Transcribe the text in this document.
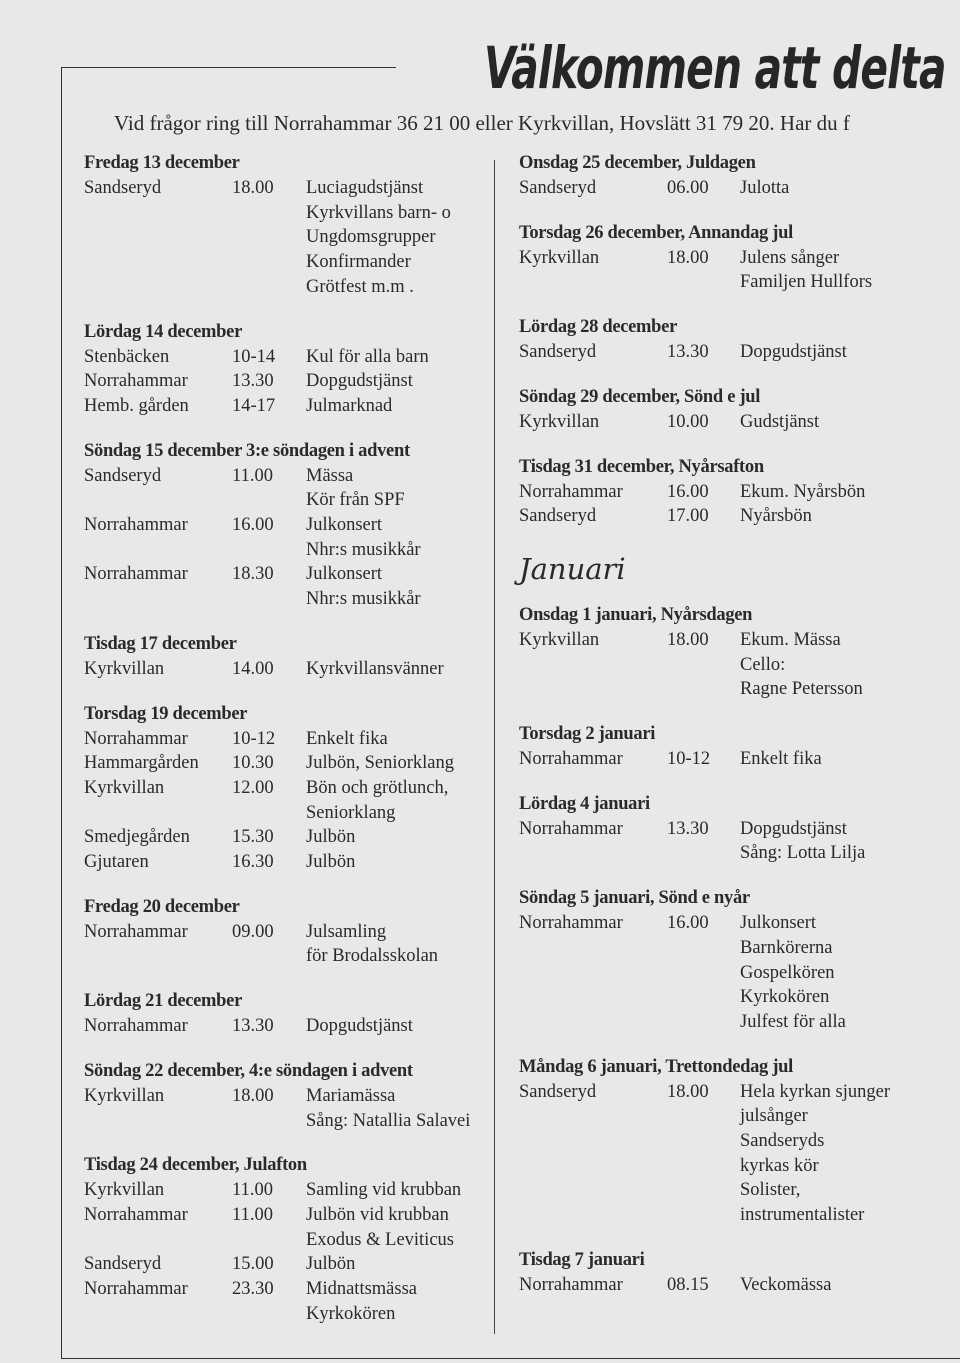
Välkommen att delta
Vid frågor ring till Norrahammar 36 21 00 eller Kyrkvillan, Hovslätt 31 79 20. Har du f
Fredag 13 december
Sandseryd	18.00 Luciagudstjänst
Kyrkvillans barn- o
Ungdomsgrupper
Konfirmander
Grötfest m.m .
Lördag 14 december
Stenbäcken	10-14 Kul för alla barn
Norrahammar 13.30 Dopgudstjänst
Hemb. gården 14-17 Julmarknad
Söndag 15 december 3:e söndagen i advent
Sandseryd	11.00 Mässa
Kör från SPF
Norrahammar 16.00 Julkonsert
Nhr:s musikkår
Norrahammar 18.30 Julkonsert
Nhr:s musikkår
Tisdag 17 december
Kyrkvillan	14.00 Kyrkvillansvänner
Torsdag 19 december
Norrahammar 10-12 Enkelt fika
Hammargården 10.30 Julbön, Seniorklang
Kyrkvillan	12.00 Bön och grötlunch,
Seniorklang
Smedjegården 15.30 Julbön
Gjutaren	16.30 Julbön
Fredag 20 december
Norrahammar 09.00 Julsamling
för Brodalsskolan
Lördag 21 december
Norrahammar 13.30 Dopgudstjänst
Söndag 22 december, 4:e söndagen i advent
Kyrkvillan	18.00 Mariamässa
Sång: Natallia Salavei
Tisdag 24 december, Julafton
Kyrkvillan	11.00 Samling vid krubban
Norrahammar 11.00 Julbön vid krubban
Exodus & Leviticus
Sandseryd	15.00 Julbön
Norrahammar 23.30 Midnattsmässa
Kyrkokören
Onsdag 25 december, Juldagen
Sandseryd	06.00 Julotta
Torsdag 26 december, Annandag jul
Kyrkvillan	18.00 Julens sånger
Familjen Hullfors
Lördag 28 december
Sandseryd	13.30 Dopgudstjänst
Söndag 29 december, Sönd e jul
Kyrkvillan	10.00 Gudstjänst
Tisdag 31 december, Nyårsafton
Norrahammar 16.00 Ekum. Nyårsbön
Sandseryd	17.00 Nyårsbön
Januari
Onsdag 1 januari, Nyårsdagen
Kyrkvillan	18.00 Ekum. Mässa
Cello:
Ragne Petersson
Torsdag 2 januari
Norrahammar 10-12 Enkelt fika
Lördag 4 januari
Norrahammar 13.30 Dopgudstjänst
Sång: Lotta Lilja
Söndag 5 januari, Sönd e nyår
Norrahammar 16.00 Julkonsert
Barnkörerna
Gospelkören
Kyrkokören
Julfest för alla
Måndag 6 januari, Trettondedag jul
Sandseryd	18.00 Hela kyrkan sjunger
julsånger
Sandseryds
kyrkas kör
Solister,
instrumentalister
Tisdag 7 januari
Norrahammar 08.15 Veckomässa
